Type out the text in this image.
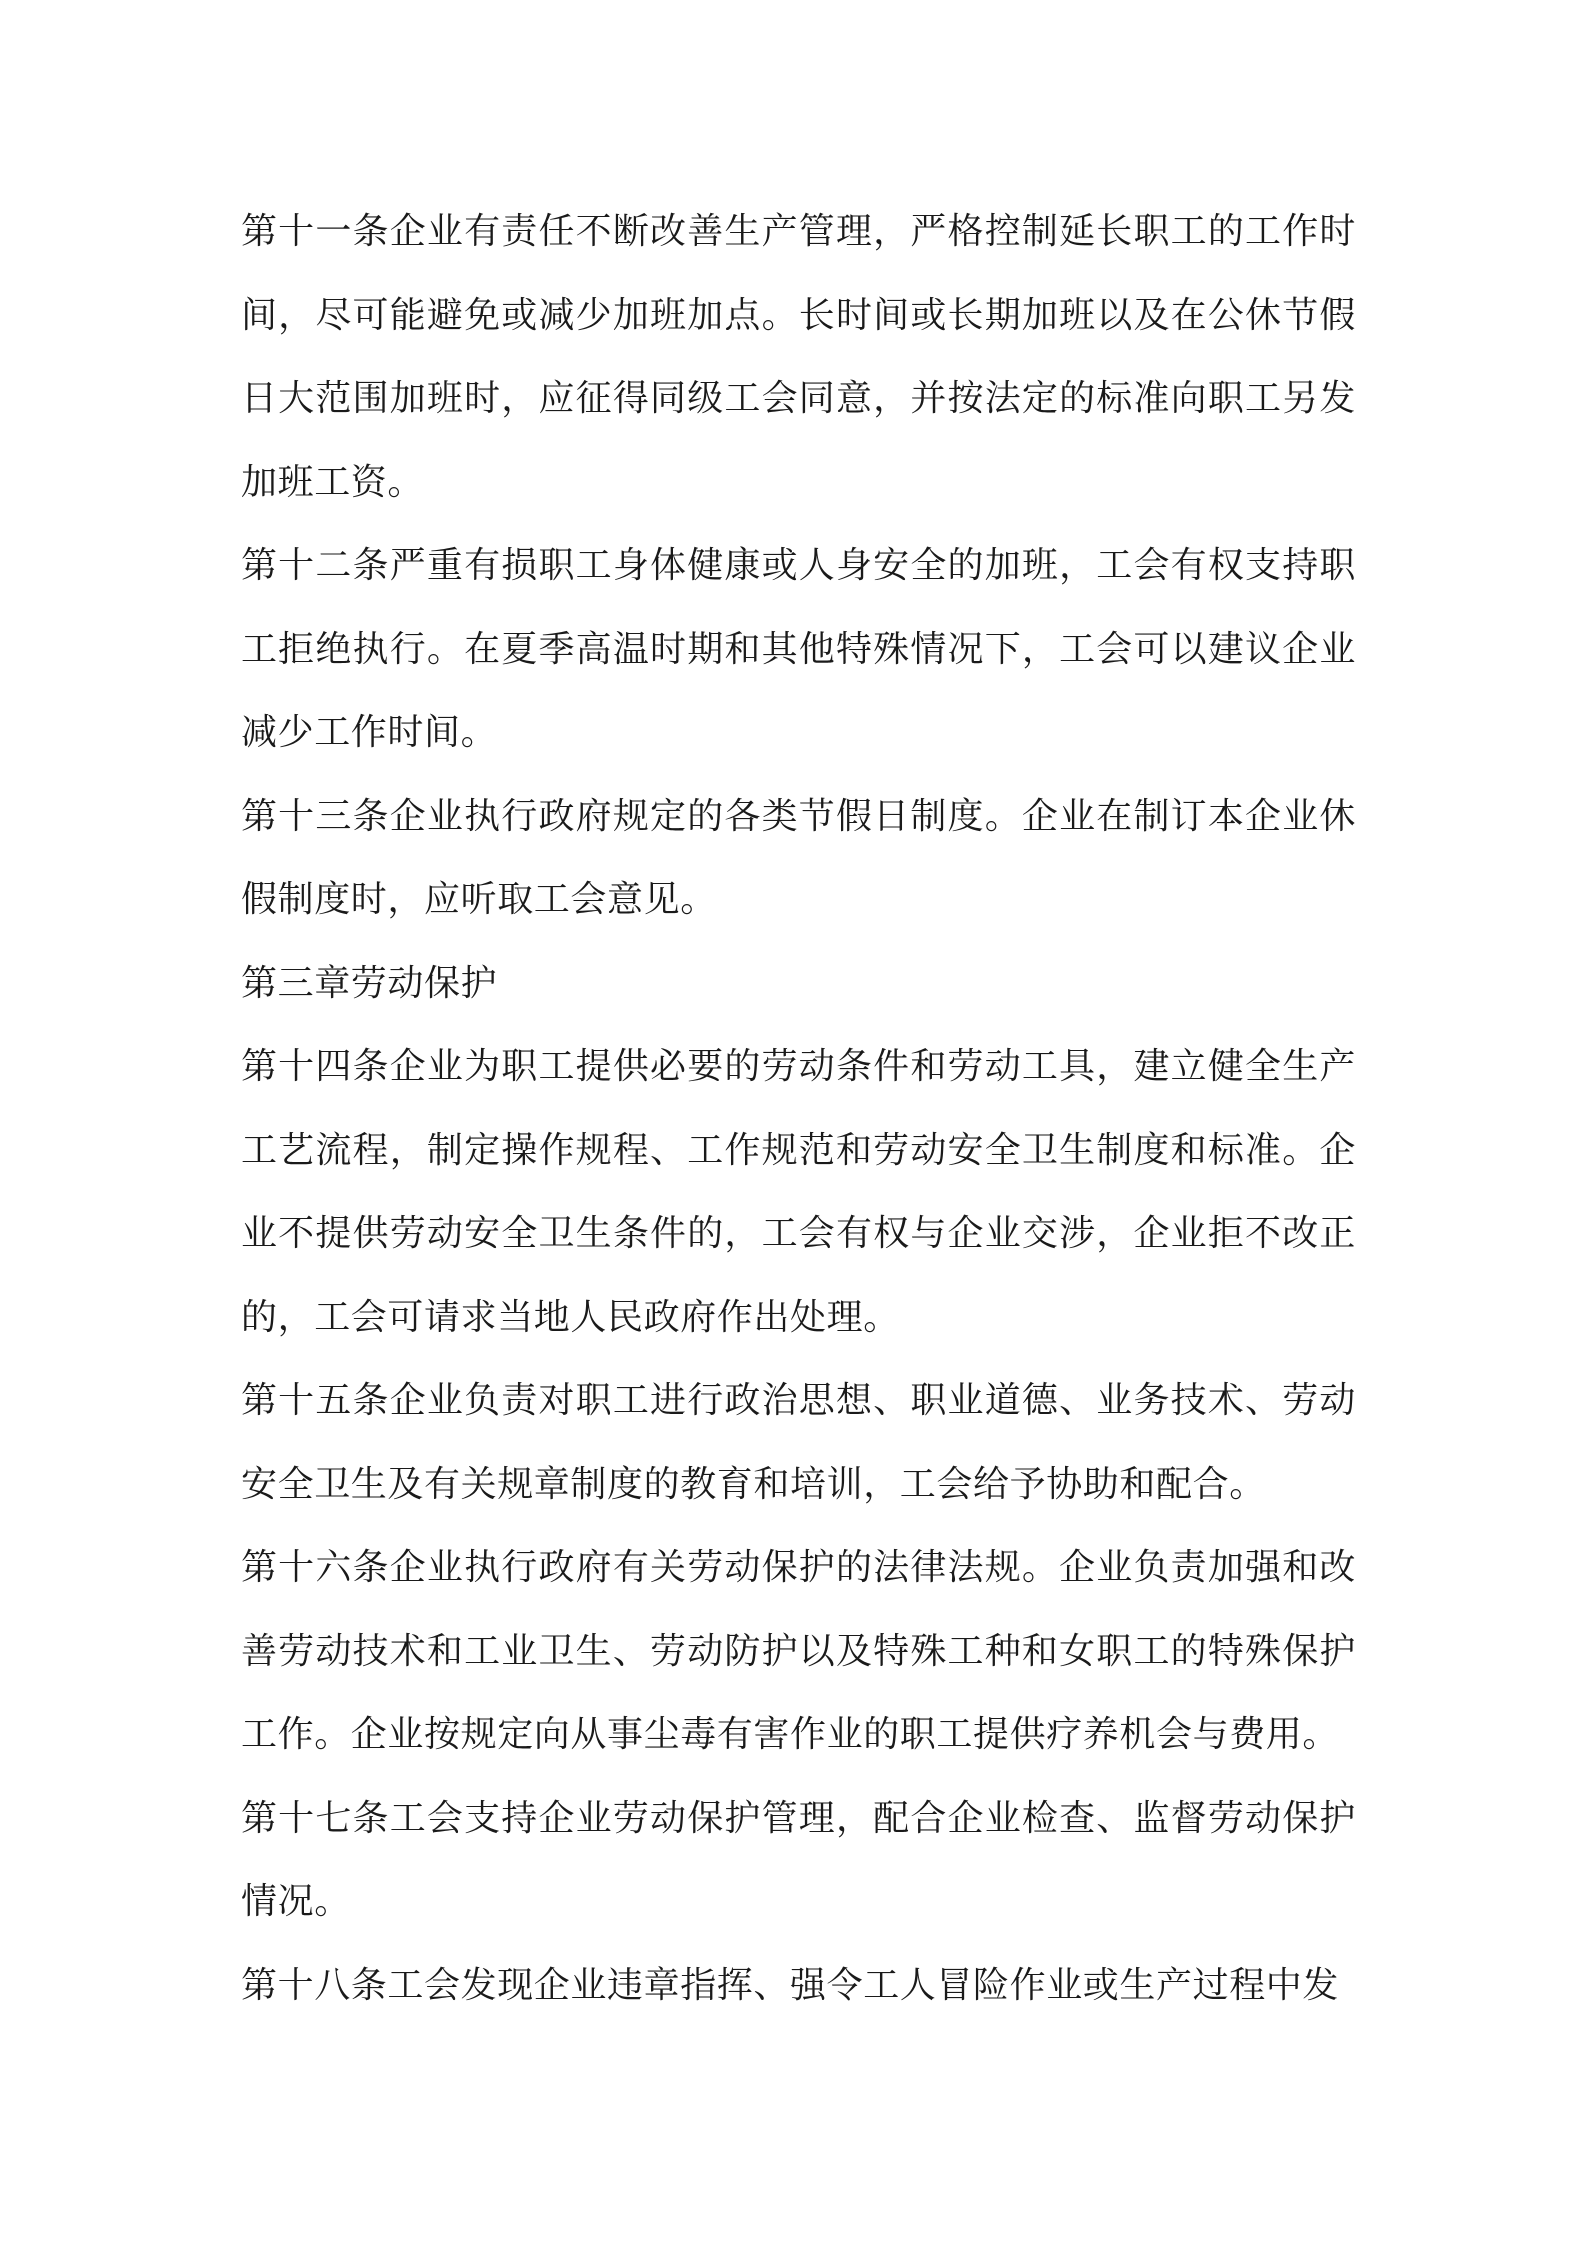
第十一条企业有责任不断改善生产管理，严格控制延长职工的工作时间，尽可能避免或减少加班加点。长时间或长期加班以及在公休节假日大范围加班时，应征得同级工会同意，并按法定的标准向职工另发加班工资。

第十二条严重有损职工身体健康或人身安全的加班，工会有权支持职工拒绝执行。在夏季高温时期和其他特殊情况下，工会可以建议企业减少工作时间。

第十三条企业执行政府规定的各类节假日制度。企业在制订本企业休假制度时，应听取工会意见。

第三章劳动保护

第十四条企业为职工提供必要的劳动条件和劳动工具，建立健全生产工艺流程，制定操作规程、工作规范和劳动安全卫生制度和标准。企业不提供劳动安全卫生条件的，工会有权与企业交涉，企业拒不改正的，工会可请求当地人民政府作出处理。

第十五条企业负责对职工进行政治思想、职业道德、业务技术、劳动安全卫生及有关规章制度的教育和培训，工会给予协助和配合。

第十六条企业执行政府有关劳动保护的法律法规。企业负责加强和改善劳动技术和工业卫生、劳动防护以及特殊工种和女职工的特殊保护工作。企业按规定向从事尘毒有害作业的职工提供疗养机会与费用。

第十七条工会支持企业劳动保护管理，配合企业检查、监督劳动保护情况。

第十八条工会发现企业违章指挥、强令工人冒险作业或生产过程中发
